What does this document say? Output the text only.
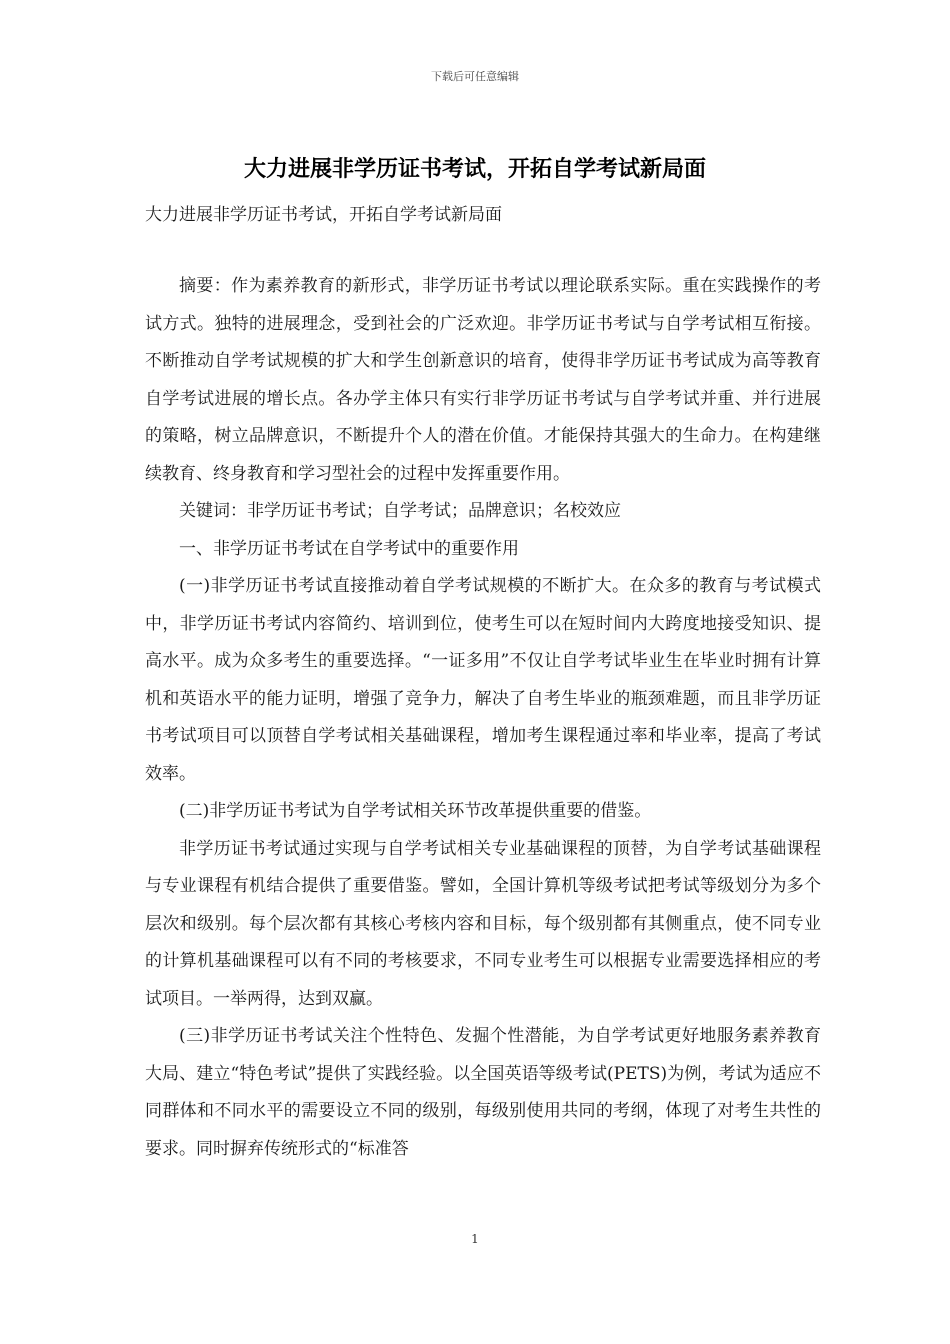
下载后可任意编辑
大力进展非学历证书考试，开拓自学考试新局面
大力进展非学历证书考试，开拓自学考试新局面

摘要：作为素养教育的新形式，非学历证书考试以理论联系实际。重在实践操作的考试方式。独特的进展理念，受到社会的广泛欢迎。非学历证书考试与自学考试相互衔接。不断推动自学考试规模的扩大和学生创新意识的培育，使得非学历证书考试成为高等教育自学考试进展的增长点。各办学主体只有实行非学历证书考试与自学考试并重、并行进展的策略，树立品牌意识，不断提升个人的潜在价值。才能保持其强大的生命力。在构建继续教育、终身教育和学习型社会的过程中发挥重要作用。

关键词：非学历证书考试；自学考试；品牌意识；名校效应

一、非学历证书考试在自学考试中的重要作用

(一)非学历证书考试直接推动着自学考试规模的不断扩大。在众多的教育与考试模式中，非学历证书考试内容简约、培训到位，使考生可以在短时间内大跨度地接受知识、提高水平。成为众多考生的重要选择。“一证多用”不仅让自学考试毕业生在毕业时拥有计算机和英语水平的能力证明，增强了竞争力，解决了自考生毕业的瓶颈难题，而且非学历证书考试项目可以顶替自学考试相关基础课程，增加考生课程通过率和毕业率，提高了考试效率。

(二)非学历证书考试为自学考试相关环节改革提供重要的借鉴。

非学历证书考试通过实现与自学考试相关专业基础课程的顶替，为自学考试基础课程与专业课程有机结合提供了重要借鉴。譬如，全国计算机等级考试把考试等级划分为多个层次和级别。每个层次都有其核心考核内容和目标，每个级别都有其侧重点，使不同专业的计算机基础课程可以有不同的考核要求，不同专业考生可以根据专业需要选择相应的考试项目。一举两得，达到双赢。

(三)非学历证书考试关注个性特色、发掘个性潜能，为自学考试更好地服务素养教育大局、建立“特色考试”提供了实践经验。以全国英语等级考试(PETS)为例，考试为适应不同群体和不同水平的需要设立不同的级别，每级别使用共同的考纲，体现了对考生共性的要求。同时摒弃传统形式的“标准答

1
